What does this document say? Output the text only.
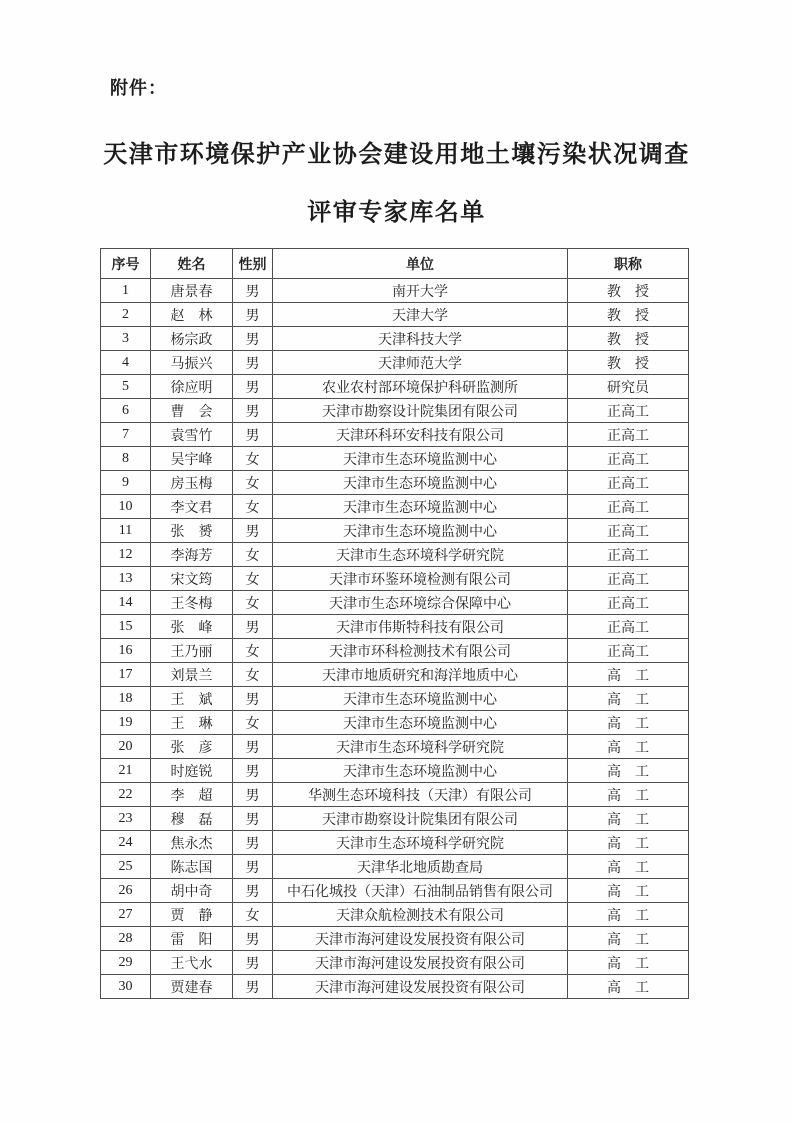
附件：
天津市环境保护产业协会建设用地土壤污染状况调查
评审专家库名单
序号	姓名	性别	单位	职称
1	唐景春	男	南开大学	教　授
2	赵　林	男	天津大学	教　授
3	杨宗政	男	天津科技大学	教　授
4	马振兴	男	天津师范大学	教　授
5	徐应明	男	农业农村部环境保护科研监测所	研究员
6	曹　会	男	天津市勘察设计院集团有限公司	正高工
7	袁雪竹	男	天津环科环安科技有限公司	正高工
8	吴宇峰	女	天津市生态环境监测中心	正高工
9	房玉梅	女	天津市生态环境监测中心	正高工
10	李文君	女	天津市生态环境监测中心	正高工
11	张　赟	男	天津市生态环境监测中心	正高工
12	李海芳	女	天津市生态环境科学研究院	正高工
13	宋文筠	女	天津市环鉴环境检测有限公司	正高工
14	王冬梅	女	天津市生态环境综合保障中心	正高工
15	张　峰	男	天津市伟斯特科技有限公司	正高工
16	王乃丽	女	天津市环科检测技术有限公司	正高工
17	刘景兰	女	天津市地质研究和海洋地质中心	高　工
18	王　斌	男	天津市生态环境监测中心	高　工
19	王　琳	女	天津市生态环境监测中心	高　工
20	张　彦	男	天津市生态环境科学研究院	高　工
21	时庭锐	男	天津市生态环境监测中心	高　工
22	李　超	男	华测生态环境科技（天津）有限公司	高　工
23	穆　磊	男	天津市勘察设计院集团有限公司	高　工
24	焦永杰	男	天津市生态环境科学研究院	高　工
25	陈志国	男	天津华北地质勘查局	高　工
26	胡中奇	男	中石化城投（天津）石油制品销售有限公司	高　工
27	贾　静	女	天津众航检测技术有限公司	高　工
28	雷　阳	男	天津市海河建设发展投资有限公司	高　工
29	王弋水	男	天津市海河建设发展投资有限公司	高　工
30	贾建春	男	天津市海河建设发展投资有限公司	高　工
